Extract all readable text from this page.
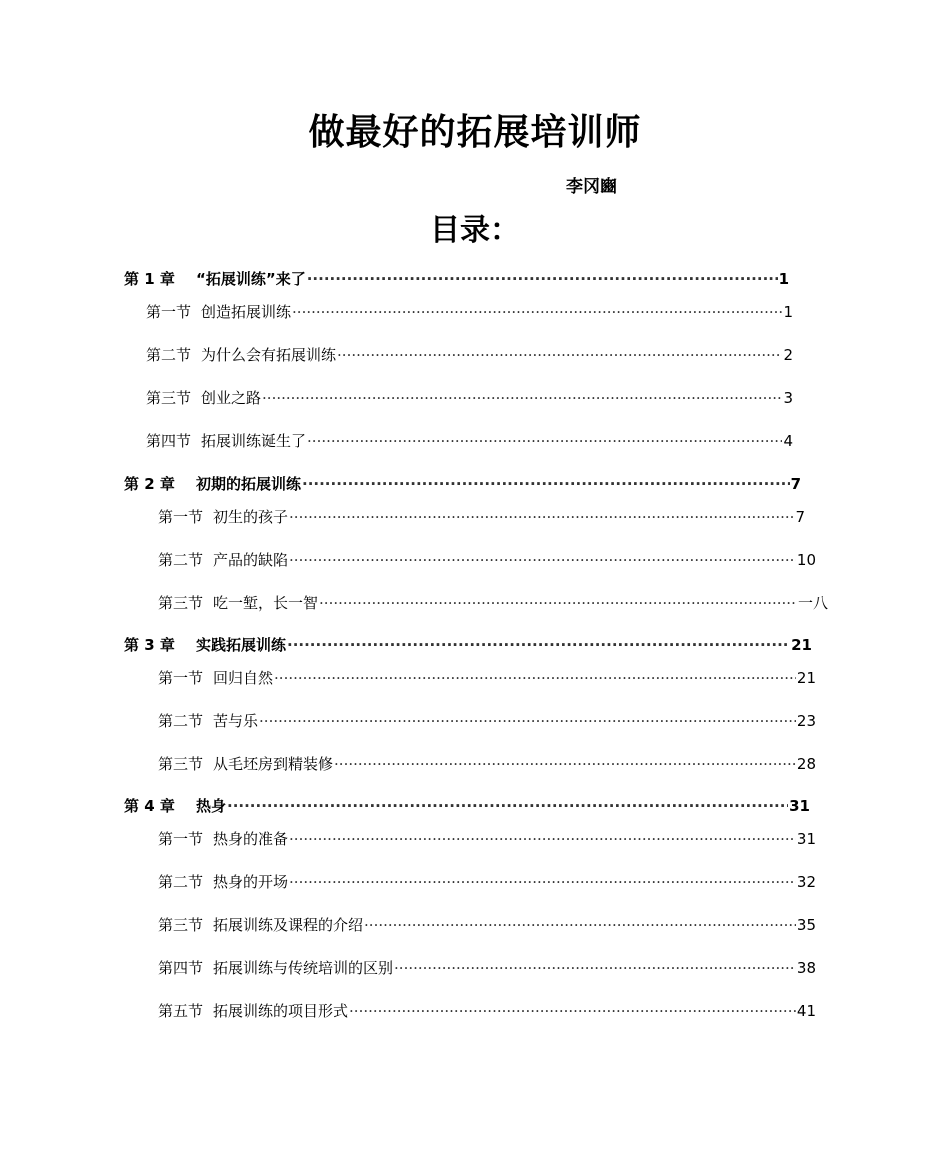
做最好的拓展培训师
李冈豳
目录：
第 1 章 “拓展训练”来了 ·····	1
第一节 创造拓展训练 ·····	1
第二节 为什么会有拓展训练 ·····	2
第三节 创业之路 ·····	3
第四节 拓展训练诞生了 ·····	4
第 2 章 初期的拓展训练 ·····	7
第一节 初生的孩子 ·····	7
第二节 产品的缺陷 ·····	10
第三节 吃一堑，长一智 ·····	一八
第 3 章 实践拓展训练 ·····	21
第一节 回归自然 ·····	21
第二节 苦与乐 ·····	23
第三节 从毛坯房到精装修 ·····	28
第 4 章 热身 ·····	31
第一节 热身的准备 ·····	31
第二节 热身的开场 ·····	32
第三节 拓展训练及课程的介绍 ·····	35
第四节 拓展训练与传统培训的区别 ·····	38
第五节 拓展训练的项目形式 ·····	41
